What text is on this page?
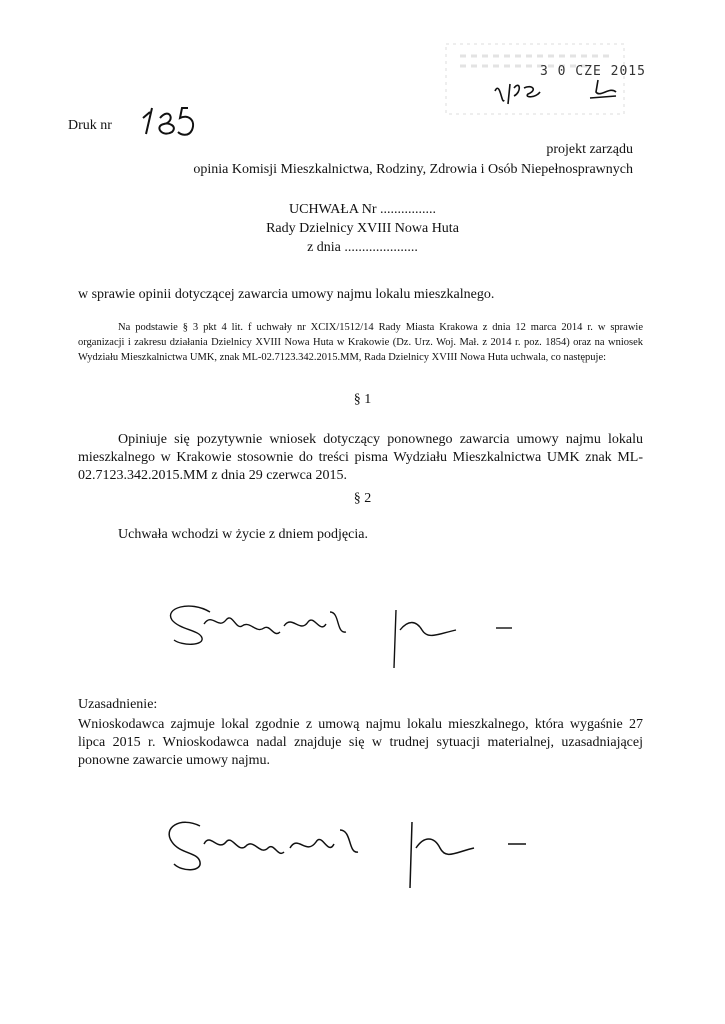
Druk nr
3 0 CZE 2015
projekt zarządu
opinia Komisji Mieszkalnictwa, Rodziny, Zdrowia i Osób Niepełnosprawnych
UCHWAŁA Nr ................
Rady Dzielnicy XVIII Nowa Huta
z dnia .....................
w sprawie opinii dotyczącej zawarcia umowy najmu lokalu mieszkalnego.
Na podstawie § 3 pkt 4 lit. f uchwały nr XCIX/1512/14 Rady Miasta Krakowa z dnia 12 marca 2014 r. w sprawie organizacji i zakresu działania Dzielnicy XVIII Nowa Huta w Krakowie (Dz. Urz. Woj. Mał. z 2014 r. poz. 1854) oraz na wniosek Wydziału Mieszkalnictwa UMK, znak ML-02.7123.342.2015.MM, Rada Dzielnicy XVIII Nowa Huta uchwala, co następuje:
§ 1
Opiniuje się pozytywnie wniosek dotyczący ponownego zawarcia umowy najmu lokalu mieszkalnego w Krakowie stosownie do treści pisma Wydziału Mieszkalnictwa UMK znak ML-02.7123.342.2015.MM z dnia 29 czerwca 2015.
§ 2
Uchwała wchodzi w życie z dniem podjęcia.
Uzasadnienie:
Wnioskodawca zajmuje lokal zgodnie z umową najmu lokalu mieszkalnego, która wygaśnie 27 lipca 2015 r. Wnioskodawca nadal znajduje się w trudnej sytuacji materialnej, uzasadniającej ponowne zawarcie umowy najmu.
